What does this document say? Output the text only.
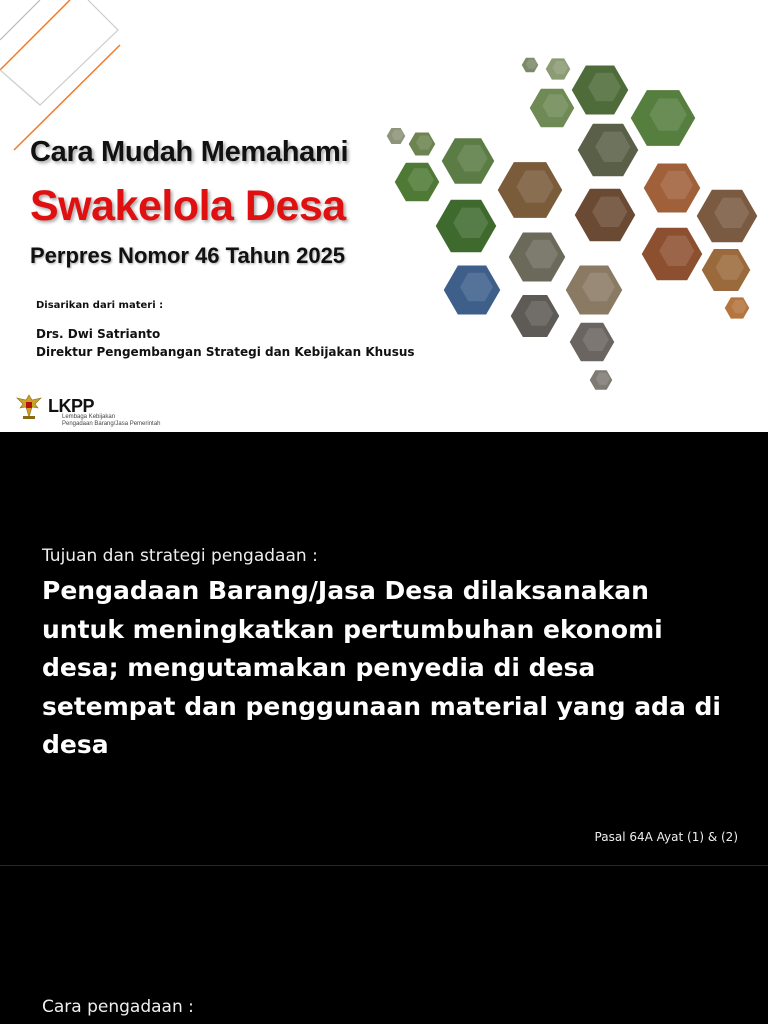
Cara Mudah Memahami
Swakelola Desa
Perpres Nomor 46 Tahun 2025
Disarikan dari materi :
Drs. Dwi Satrianto
Direktur Pengembangan Strategi dan Kebijakan Khusus
LKPP
Lembaga Kebijakan
Pengadaan Barang/Jasa Pemerintah
Tujuan dan strategi pengadaan :
Pengadaan Barang/Jasa Desa dilaksanakan untuk meningkatkan pertumbuhan ekonomi desa; mengutamakan penyedia di desa setempat dan penggunaan material yang ada di desa
Pasal 64A Ayat (1) & (2)
Cara pengadaan :
